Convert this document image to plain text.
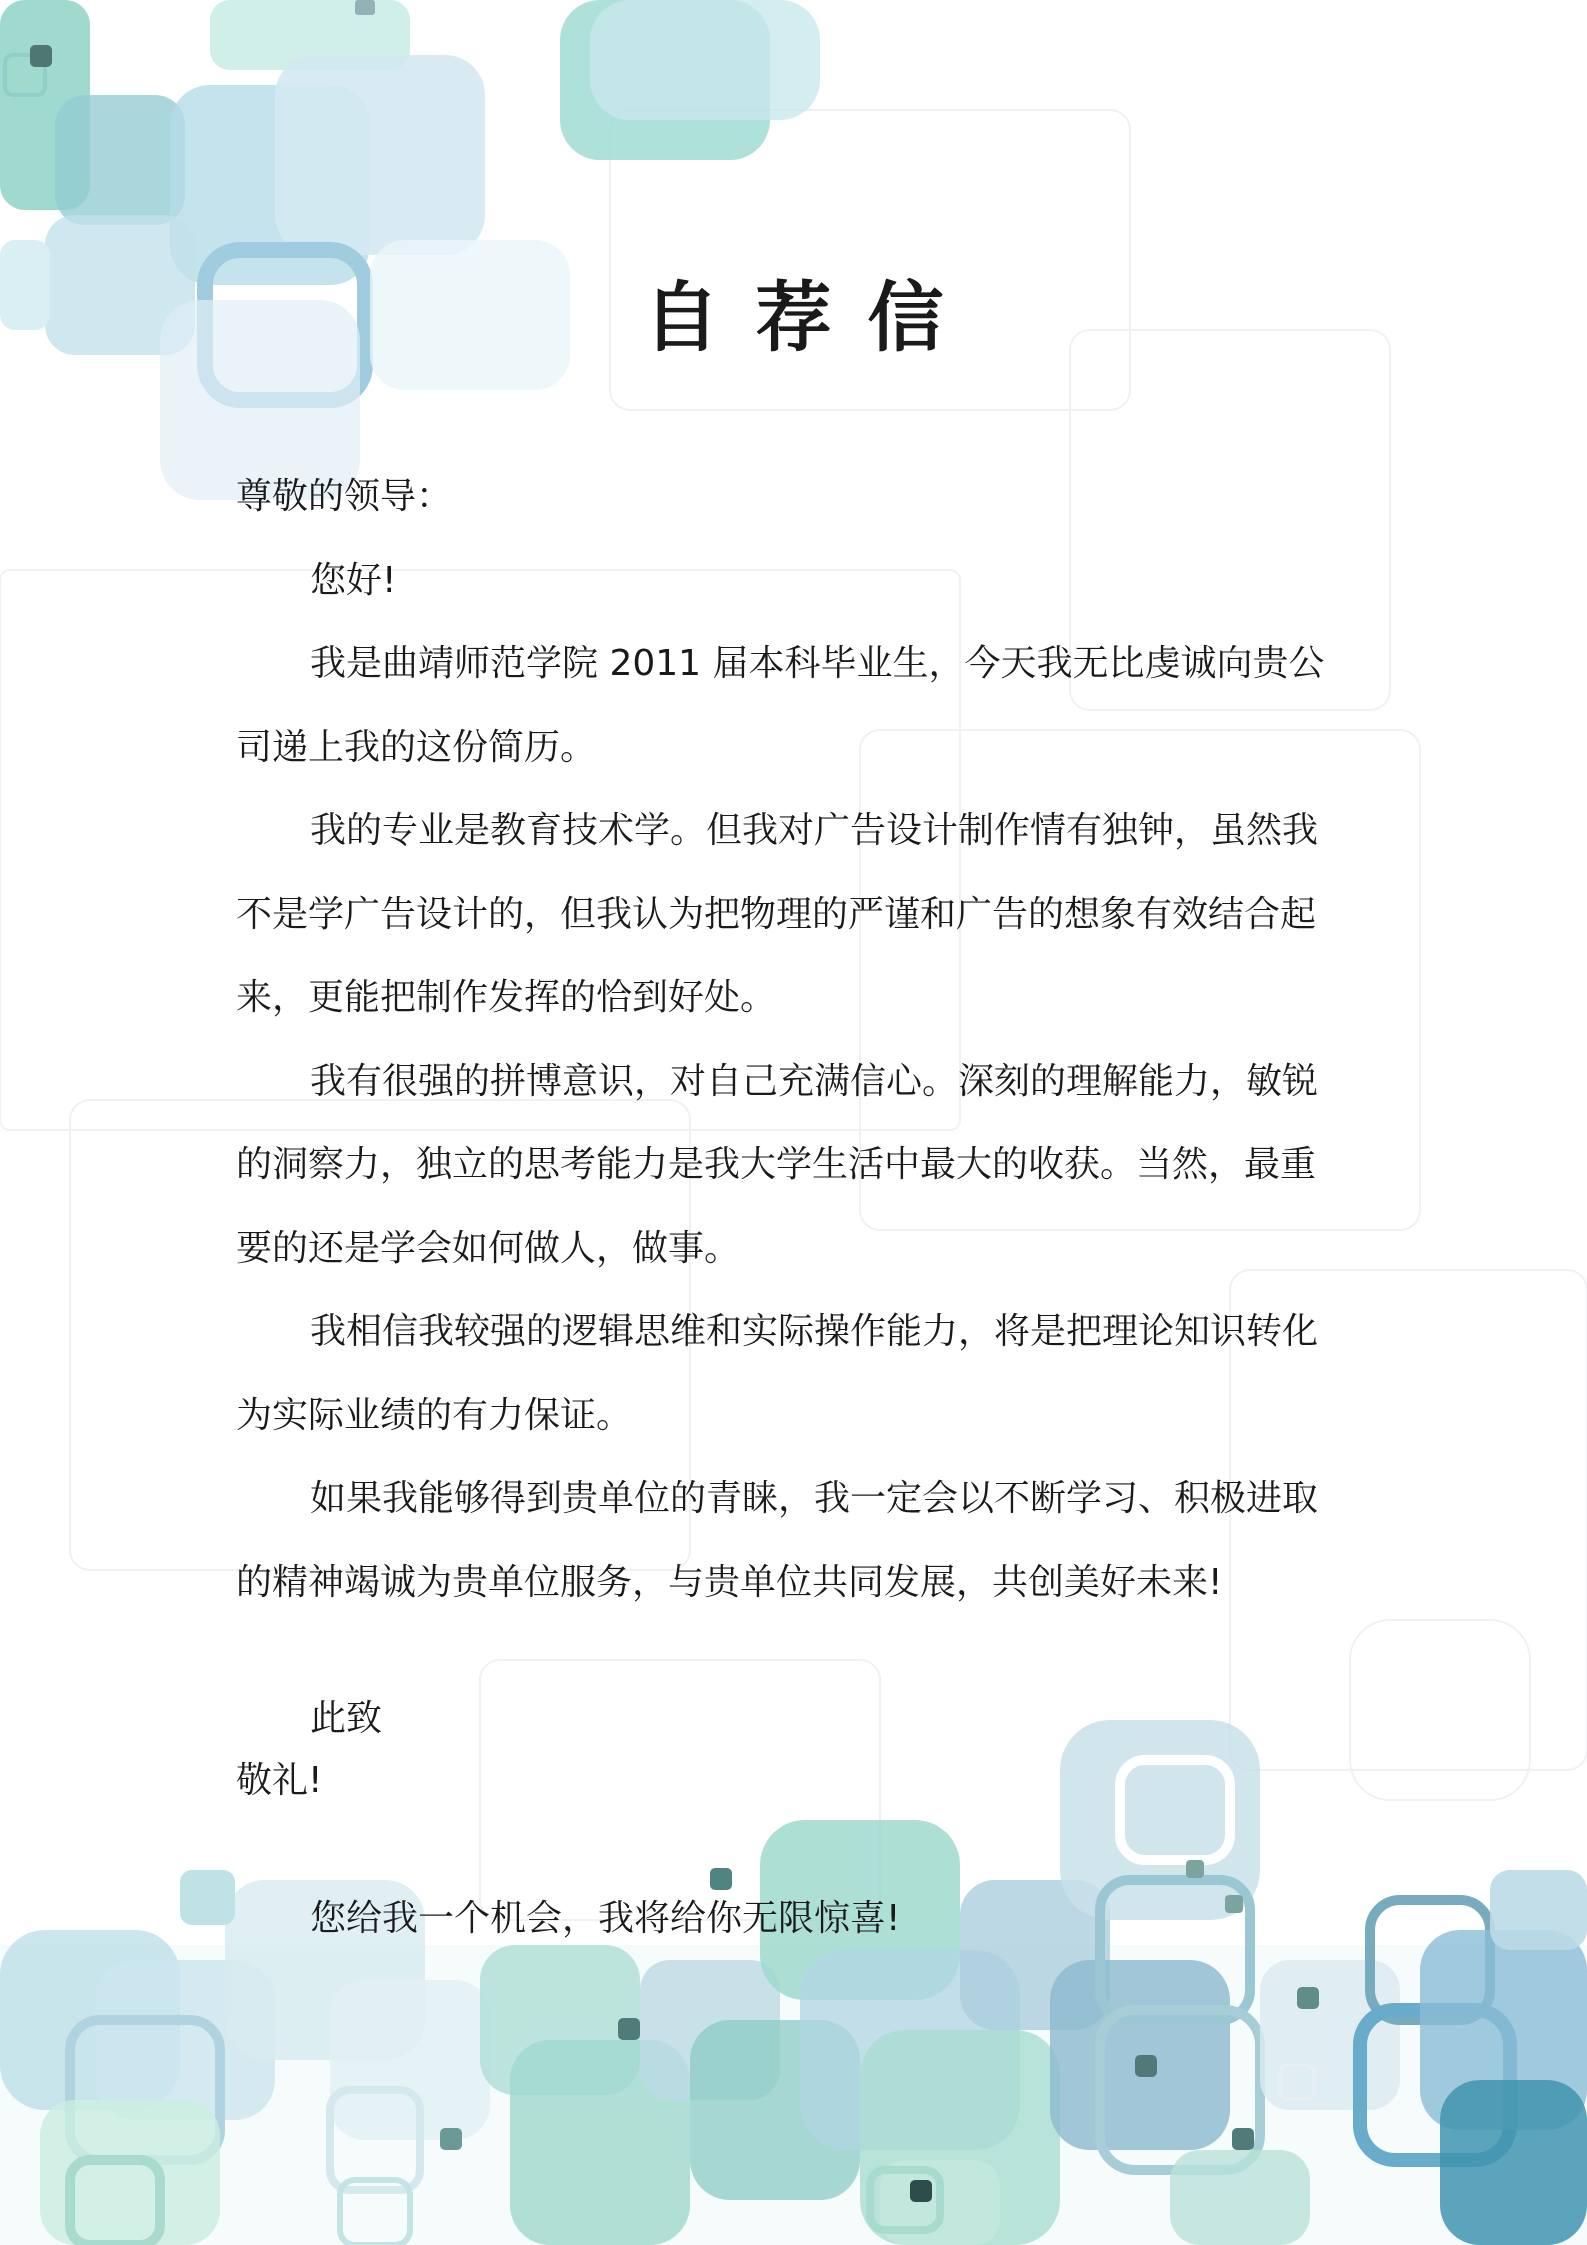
自荐信

尊敬的领导：

您好!

我是曲靖师范学院 2011 届本科毕业生，今天我无比虔诚向贵公司递上我的这份简历。

我的专业是教育技术学。但我对广告设计制作情有独钟，虽然我不是学广告设计的，但我认为把物理的严谨和广告的想象有效结合起来，更能把制作发挥的恰到好处。

我有很强的拼博意识，对自己充满信心。深刻的理解能力，敏锐的洞察力，独立的思考能力是我大学生活中最大的收获。当然，最重要的还是学会如何做人，做事。

我相信我较强的逻辑思维和实际操作能力，将是把理论知识转化为实际业绩的有力保证。

如果我能够得到贵单位的青睐，我一定会以不断学习、积极进取的精神竭诚为贵单位服务，与贵单位共同发展，共创美好未来!

此致

敬礼!

您给我一个机会，我将给你无限惊喜!
